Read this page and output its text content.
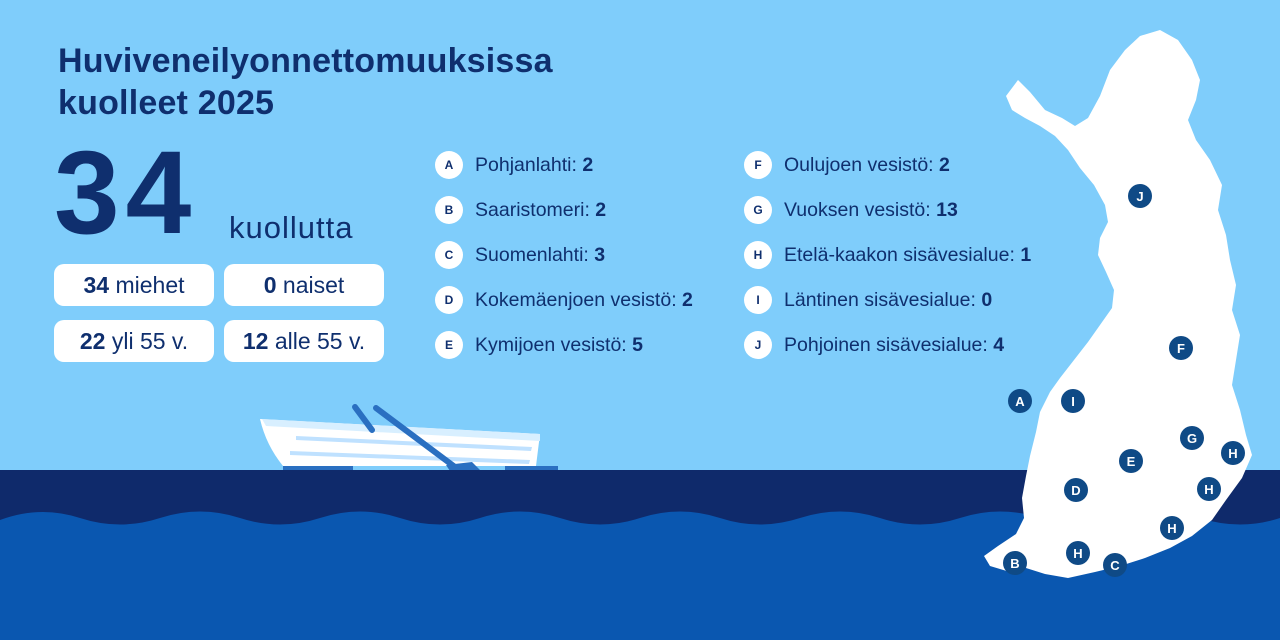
J
F
A	I
G
H
E
H
D
H
B
H
C
Huviveneilyonnettomuuksissa
kuolleet 2025
34 kuollutta
34 miehet	0 naiset
22 yli 55 v.	12 alle 55 v.
A	Pohjanlahti: 2
B	Saaristomeri: 2
C	Suomenlahti: 3
D	Kokemäenjoen vesistö: 2
E	Kymijoen vesistö: 5
F	Oulujoen vesistö: 2
G	Vuoksen vesistö: 13
H	Etelä-kaakon sisävesialue: 1
I	Läntinen sisävesialue: 0
J	Pohjoinen sisävesialue: 4
